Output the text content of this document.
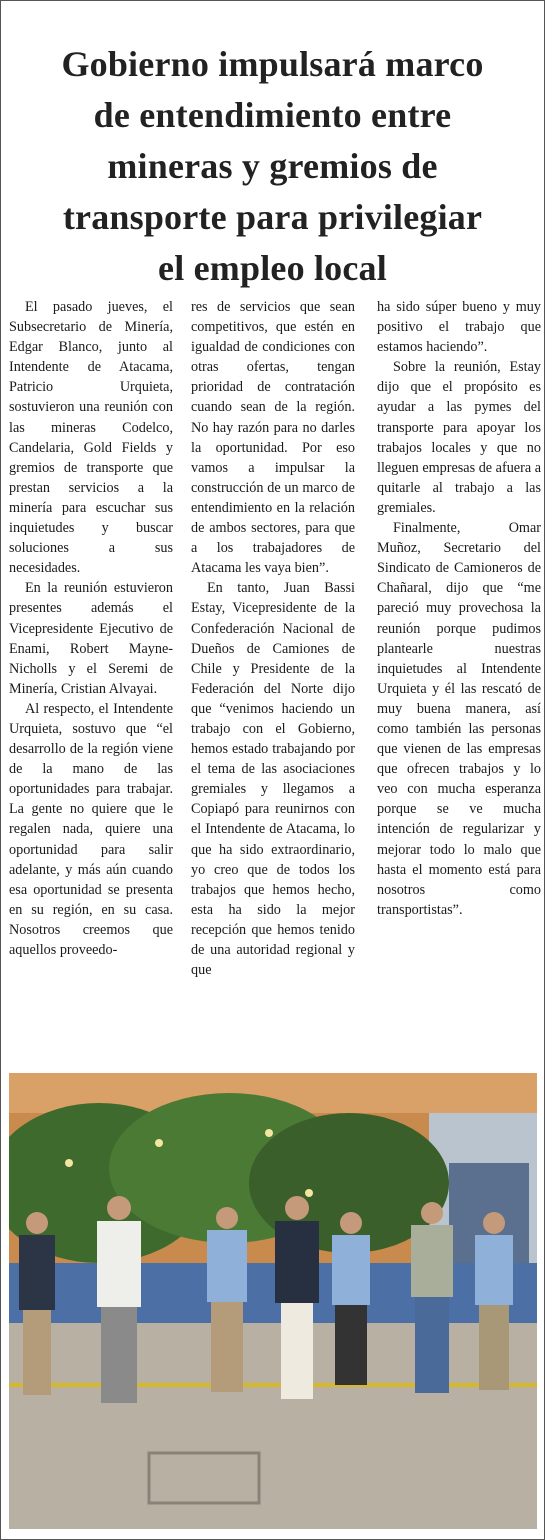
Gobierno impulsará marco
de entendimiento entre
mineras y gremios de
transporte para privilegiar
el empleo local

El pasado jueves, el Subsecretario de Minería, Edgar Blanco, junto al Intendente de Atacama, Patricio Urquieta, sostuvieron una reunión con las mineras Codelco, Candelaria, Gold Fields y gremios de transporte que prestan servicios a la minería para escuchar sus inquietudes y buscar soluciones a sus necesidades.

En la reunión estuvieron presentes además el Vicepresidente Ejecutivo de Enami, Robert Mayne-Nicholls y el Seremi de Minería, Cristian Alvayai.

Al respecto, el Intendente Urquieta, sostuvo que “el desarrollo de la región viene de la mano de las oportunidades para trabajar. La gente no quiere que le regalen nada, quiere una oportunidad para salir adelante, y más aún cuando esa oportunidad se presenta en su región, en su casa. Nosotros creemos que aquellos proveedo-

res de servicios que sean competitivos, que estén en igualdad de condiciones con otras ofertas, tengan prioridad de contratación cuando sean de la región. No hay razón para no darles la oportunidad. Por eso vamos a impulsar la construcción de un marco de entendimiento en la relación de ambos sectores, para que a los trabajadores de Atacama les vaya bien”.

En tanto, Juan Bassi Estay, Vicepresidente de la Confederación Nacional de Dueños de Camiones de Chile y Presidente de la Federación del Norte dijo que “venimos haciendo un trabajo con el Gobierno, hemos estado trabajando por el tema de las asociaciones gremiales y llegamos a Copiapó para reunirnos con el Intendente de Atacama, lo que ha sido extraordinario, yo creo que de todos los trabajos que hemos hecho, esta ha sido la mejor recepción que hemos tenido de una autoridad regional y que

ha sido súper bueno y muy positivo el trabajo que estamos haciendo”.

Sobre la reunión, Estay dijo que el propósito es ayudar a las pymes del transporte para apoyar los trabajos locales y que no lleguen empresas de afuera a quitarle al trabajo a las gremiales.

Finalmente, Omar Muñoz, Secretario del Sindicato de Camioneros de Chañaral, dijo que “me pareció muy provechosa la reunión porque pudimos plantearle nuestras inquietudes al Intendente Urquieta y él las rescató de muy buena manera, así como también las personas que vienen de las empresas que ofrecen trabajos y lo veo con mucha esperanza porque se ve mucha intención de regularizar y mejorar todo lo malo que hasta el momento está para nosotros como transportistas”.
